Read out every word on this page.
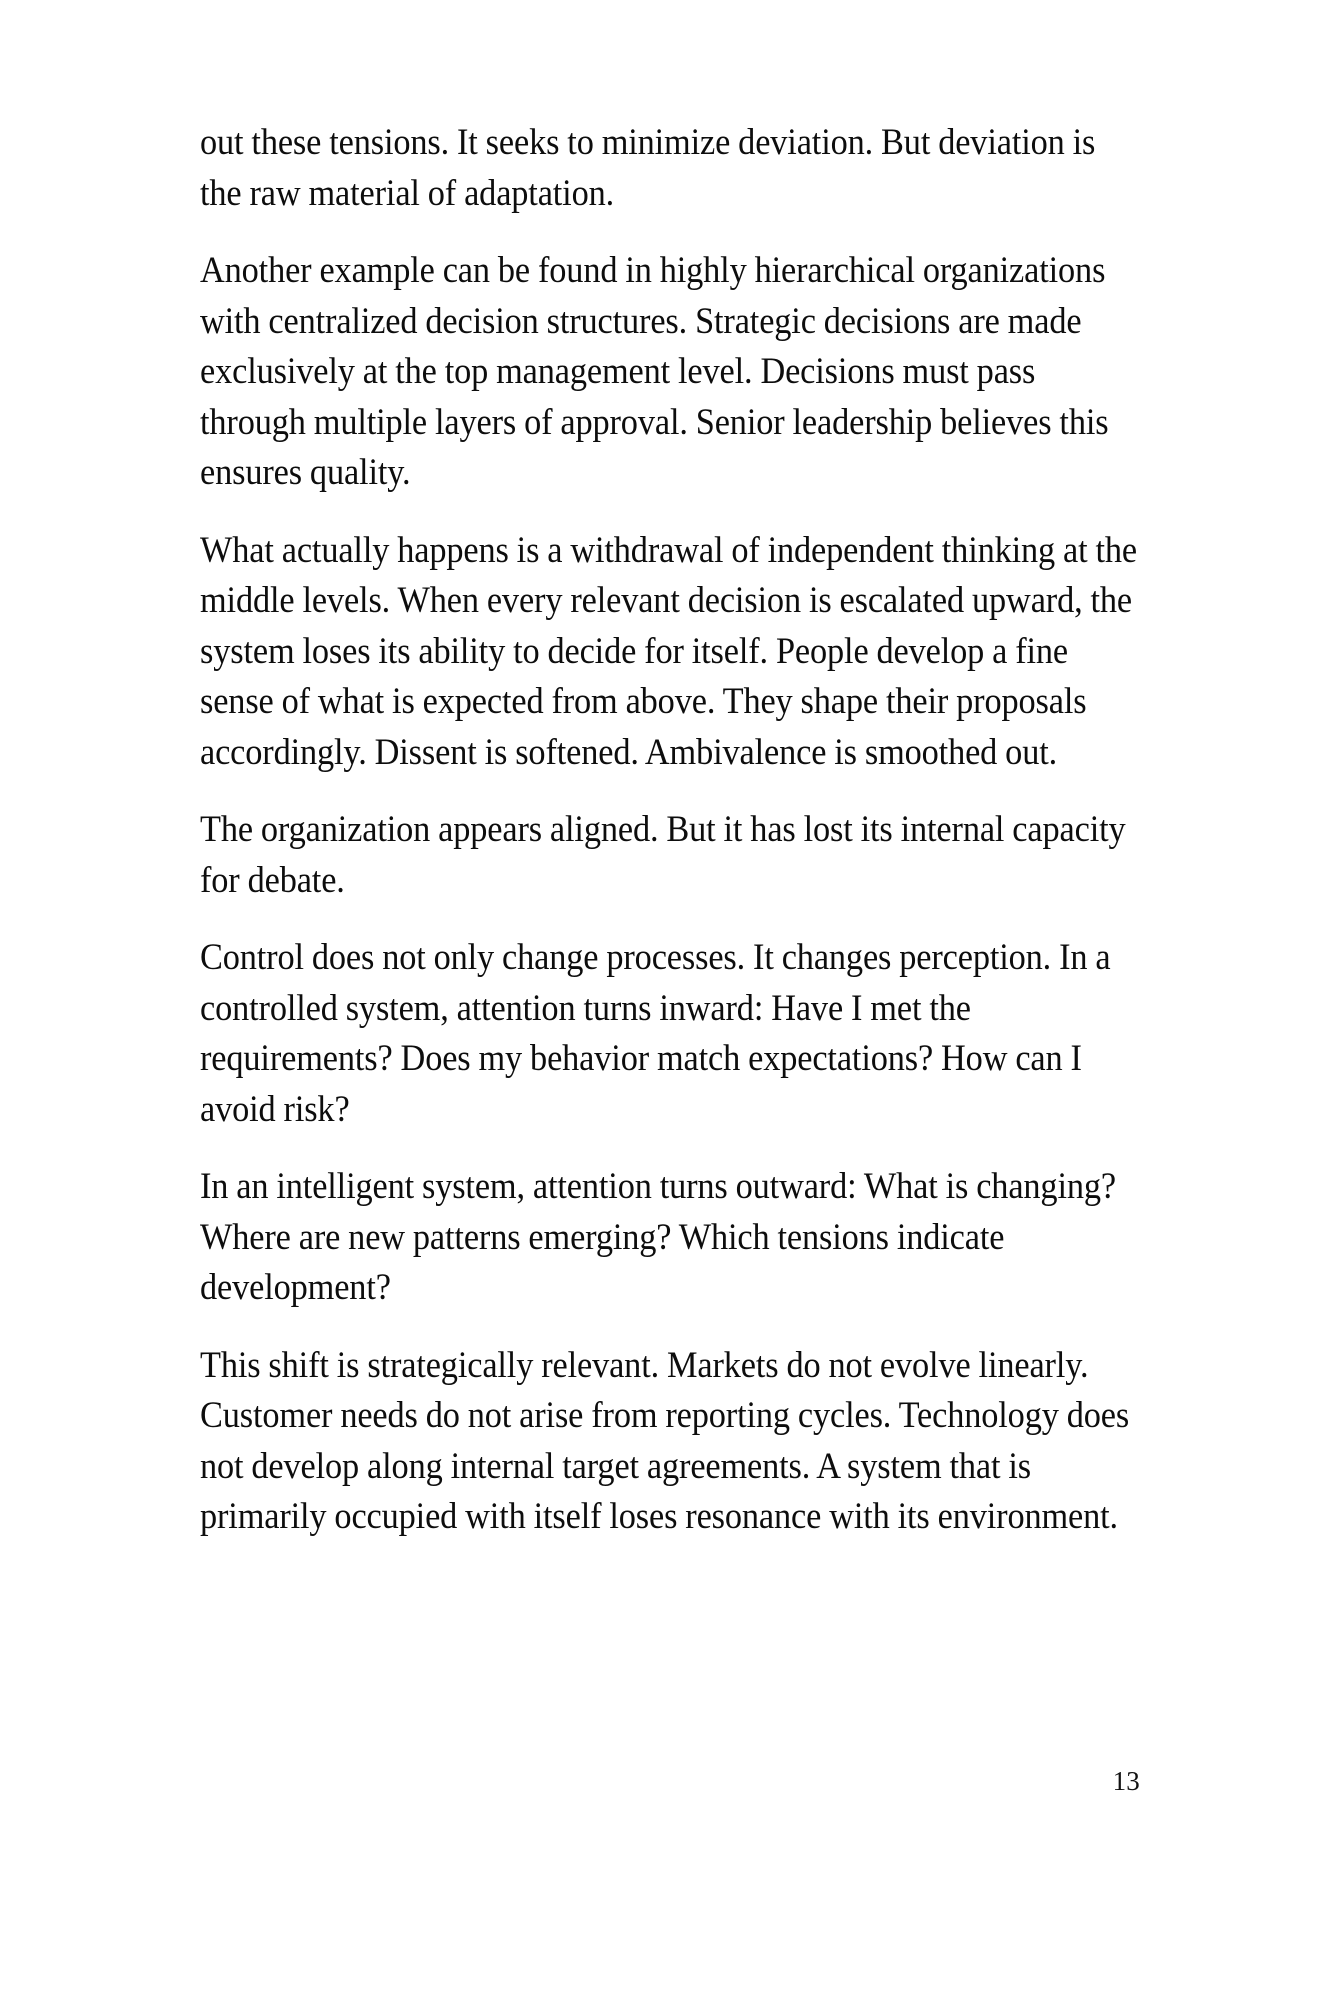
out these tensions. It seeks to minimize deviation. But deviation is the raw material of adaptation.

Another example can be found in highly hierarchical organizations with centralized decision structures. Strategic decisions are made exclusively at the top management level. Decisions must pass through multiple layers of approval. Senior leadership believes this ensures quality.

What actually happens is a withdrawal of independent thinking at the middle levels. When every relevant decision is escalated upward, the system loses its ability to decide for itself. People develop a fine sense of what is expected from above. They shape their proposals accordingly. Dissent is softened. Ambivalence is smoothed out.

The organization appears aligned. But it has lost its internal capacity for debate.

Control does not only change processes. It changes perception. In a controlled system, attention turns inward: Have I met the requirements? Does my behavior match expectations? How can I avoid risk?

In an intelligent system, attention turns outward: What is changing? Where are new patterns emerging? Which tensions indicate development?

This shift is strategically relevant. Markets do not evolve linearly. Customer needs do not arise from reporting cycles. Technology does not develop along internal target agreements. A system that is primarily occupied with itself loses resonance with its environment.

13
